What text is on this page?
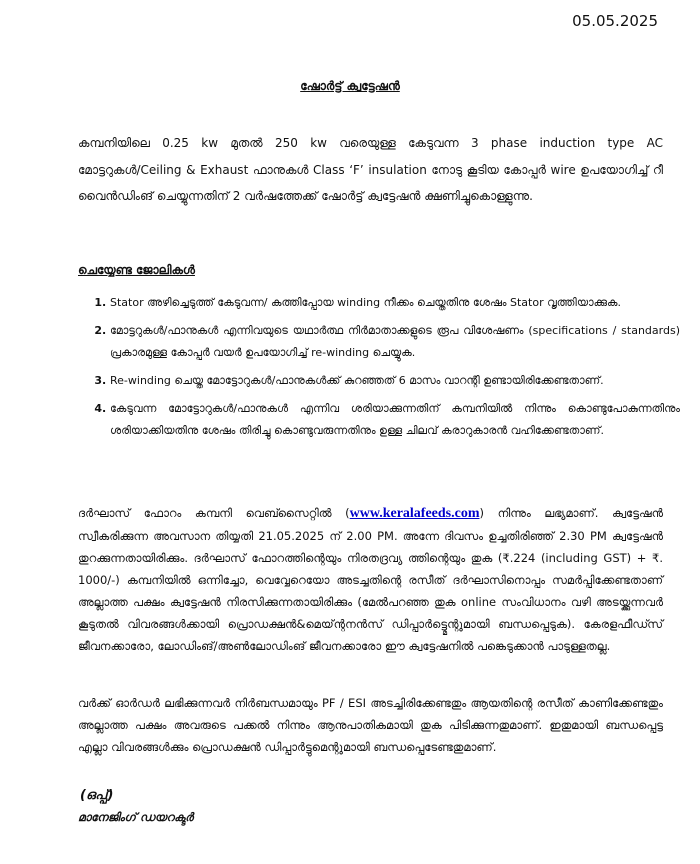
05.05.2025
ഷോർട്ട് ക്വട്ടേഷൻ
കമ്പനിയിലെ 0.25 kw മുതൽ 250 kw വരെയുള്ള കേടുവന്ന 3 phase induction type AC മോട്ടറുകൾ/Ceiling & Exhaust ഫാനുകൾ Class ‘F’ insulation നോടു കൂടിയ കോപ്പർ wire ഉപയോഗിച്ച് റീ വൈൻഡിംങ് ചെയ്യുന്നതിന് 2 വർഷത്തേക്ക് ഷോർട്ട് ക്വട്ടേഷൻ ക്ഷണിച്ചുകൊള്ളുന്നു.
ചെയ്യേണ്ട ജോലികൾ
1. Stator അഴിച്ചെടുത്ത് കേടുവന്ന/ കത്തിപ്പോയ winding നീക്കം ചെയ്തതിനു ശേഷം Stator വൃത്തിയാക്കുക.
2. മോട്ടറുകൾ/ഫാനുകൾ എന്നിവയുടെ യഥാർത്ഥ നിർമാതാക്കളുടെ രൂപ വിശേഷണം (specifications / standards) പ്രകാരമുള്ള കോപ്പർ വയർ ഉപയോഗിച്ച് re-winding ചെയ്യുക.
3. Re-winding ചെയ്ത മോട്ടോറുകൾ/ഫാനുകൾക്ക് കുറഞ്ഞത് 6 മാസം വാറന്റി ഉണ്ടായിരിക്കേണ്ടതാണ്.
4. കേടുവന്ന മോട്ടോറുകൾ/ഫാനുകൾ എന്നിവ ശരിയാക്കുന്നതിന് കമ്പനിയിൽ നിന്നും കൊണ്ടുപോകുന്നതിനും ശരിയാക്കിയതിനു ശേഷം തിരിച്ചു കൊണ്ടുവരുന്നതിനും ഉള്ള ചിലവ് കരാറുകാരൻ വഹിക്കേണ്ടതാണ്.
ദർഘാസ് ഫോറം കമ്പനി വെബ്സൈറ്റിൽ (www.keralafeeds.com) നിന്നും ലഭ്യമാണ്. ക്വട്ടേഷൻ സ്വീകരിക്കുന്ന അവസാന തിയ്യതി 21.05.2025 ന് 2.00 PM. അന്നേ ദിവസം ഉച്ചതിരിഞ്ഞ് 2.30 PM ക്വട്ടേഷൻ തുറക്കുന്നതായിരിക്കും. ദർഘാസ് ഫോറത്തിന്റെയും നിരതദ്രവ്യ ത്തിന്റെയും തുക (₹.224 (including GST) + ₹. 1000/-) കമ്പനിയിൽ ഒന്നിച്ചോ, വെവ്വേറെയോ അടച്ചതിന്റെ രസീത് ദർഘാസിനൊപ്പം സമർപ്പിക്കേണ്ടതാണ് അല്ലാത്ത പക്ഷം ക്വട്ടേഷൻ നിരസിക്കുന്നതായിരിക്കും (മേൽപറഞ്ഞ തുക online സംവിധാനം വഴി അടയ്ക്കുന്നവർ കൂടുതൽ വിവരങ്ങൾക്കായി പ്രൊഡക്ഷൻ&മെയ്ന്റനൻസ് ഡിപ്പാർട്ട്മെന്റുമായി ബന്ധപ്പെടുക). കേരളഫീഡ്സ് ജീവനക്കാരോ, ലോഡിംങ്/അൺലോഡിംങ് ജീവനക്കാരോ ഈ ക്വട്ടേഷനിൽ പങ്കെടുക്കാൻ പാടുള്ളതല്ല.
വർക്ക് ഓർഡർ ലഭിക്കുന്നവർ നിർബന്ധമായും PF / ESI അടച്ചിരിക്കേണ്ടതും ആയതിന്റെ രസീത് കാണിക്കേണ്ടതും അല്ലാത്ത പക്ഷം അവരുടെ പക്കൽ നിന്നും ആനുപാതികമായി തുക പിടിക്കുന്നതുമാണ്. ഇതുമായി ബന്ധപ്പെട്ട എല്ലാ വിവരങ്ങൾക്കും പ്രൊഡക്ഷൻ ഡിപ്പാർട്ടുമെന്റുമായി ബന്ധപ്പെടേണ്ടതുമാണ്.
(ഒപ്പ്)
മാനേജിംഗ് ഡയറക്ടർ
